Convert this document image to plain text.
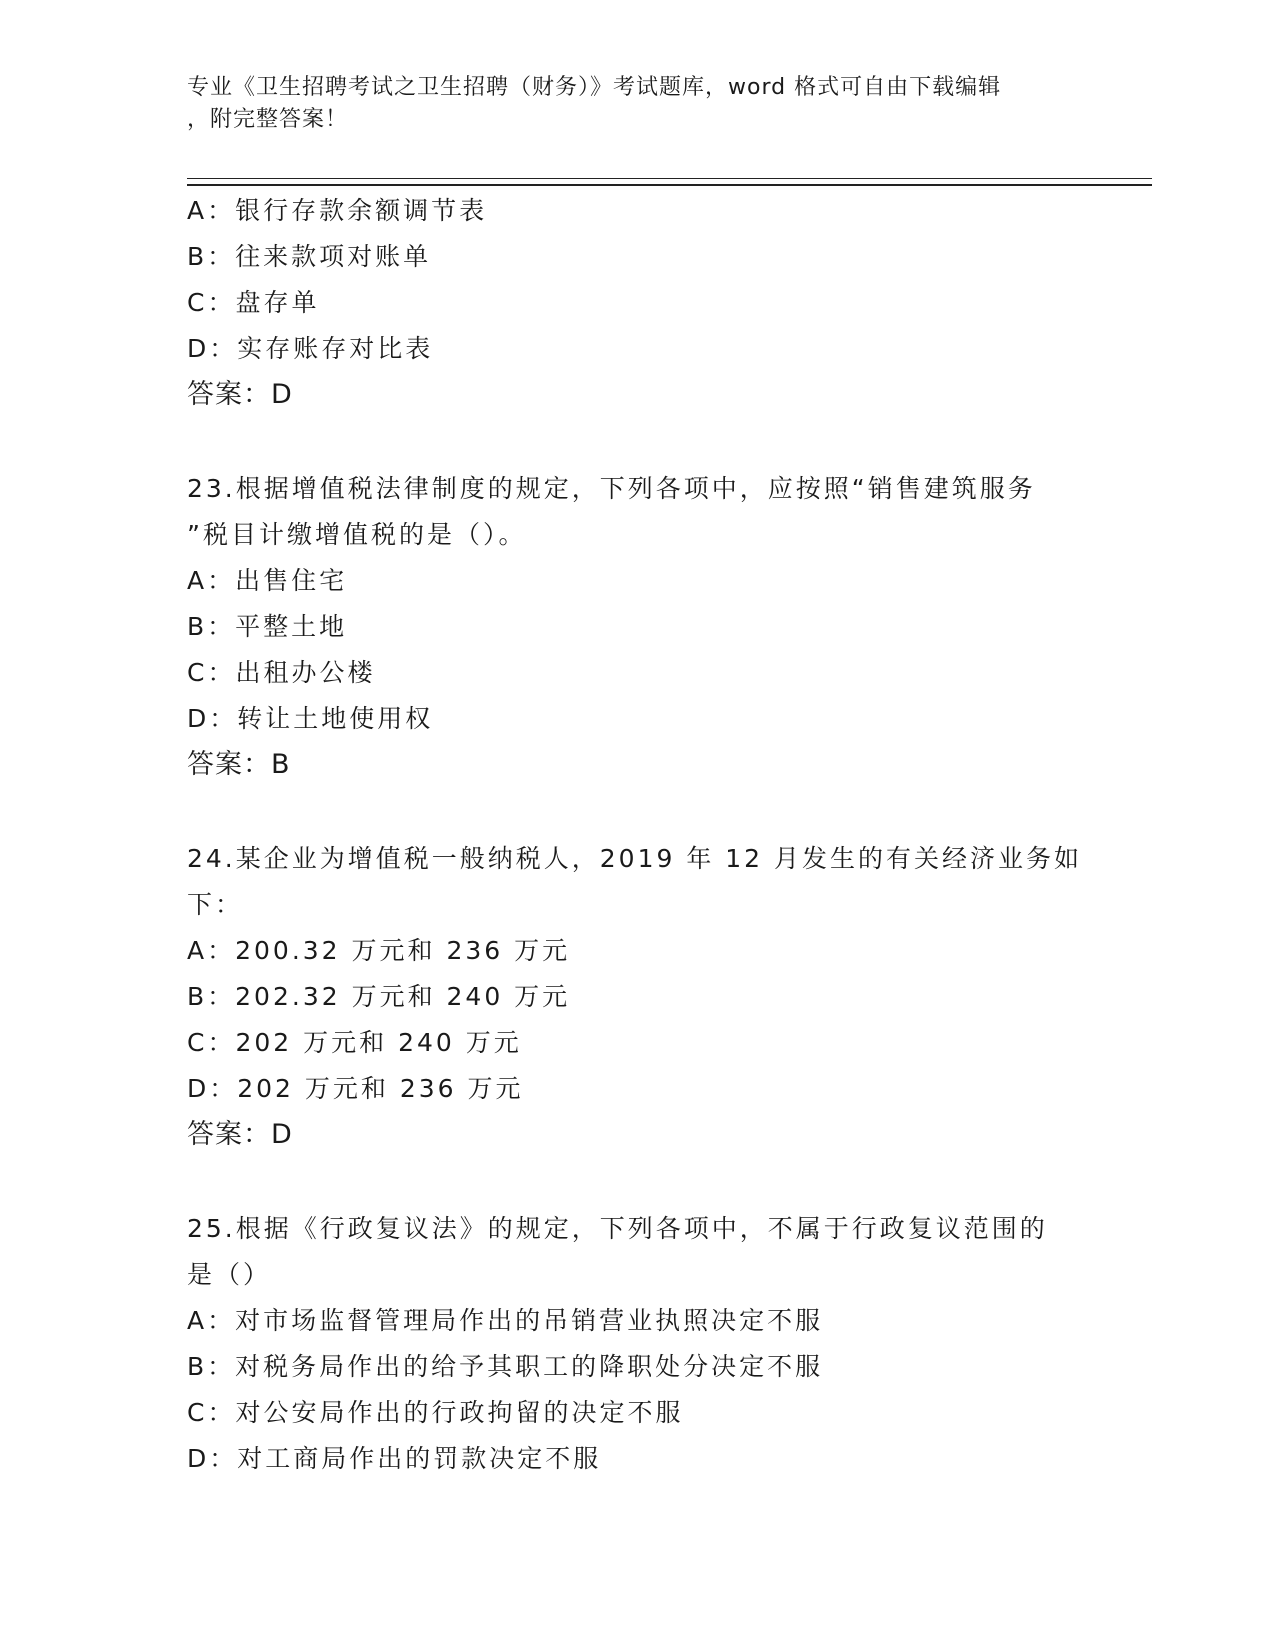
专业《卫生招聘考试之卫生招聘（财务）》考试题库，word 格式可自由下载编辑
，附完整答案！
A：银行存款余额调节表
B：往来款项对账单
C：盘存单
D：实存账存对比表
答案：D
23.根据增值税法律制度的规定，下列各项中，应按照“销售建筑服务
”税目计缴增值税的是（）。
A：出售住宅
B：平整土地
C：出租办公楼
D：转让土地使用权
答案：B
24.某企业为增值税一般纳税人，2019 年 12 月发生的有关经济业务如
下：
A：200.32 万元和 236 万元
B：202.32 万元和 240 万元
C：202 万元和 240 万元
D：202 万元和 236 万元
答案：D
25.根据《行政复议法》的规定，下列各项中，不属于行政复议范围的
是（）
A：对市场监督管理局作出的吊销营业执照决定不服
B：对税务局作出的给予其职工的降职处分决定不服
C：对公安局作出的行政拘留的决定不服
D：对工商局作出的罚款决定不服
